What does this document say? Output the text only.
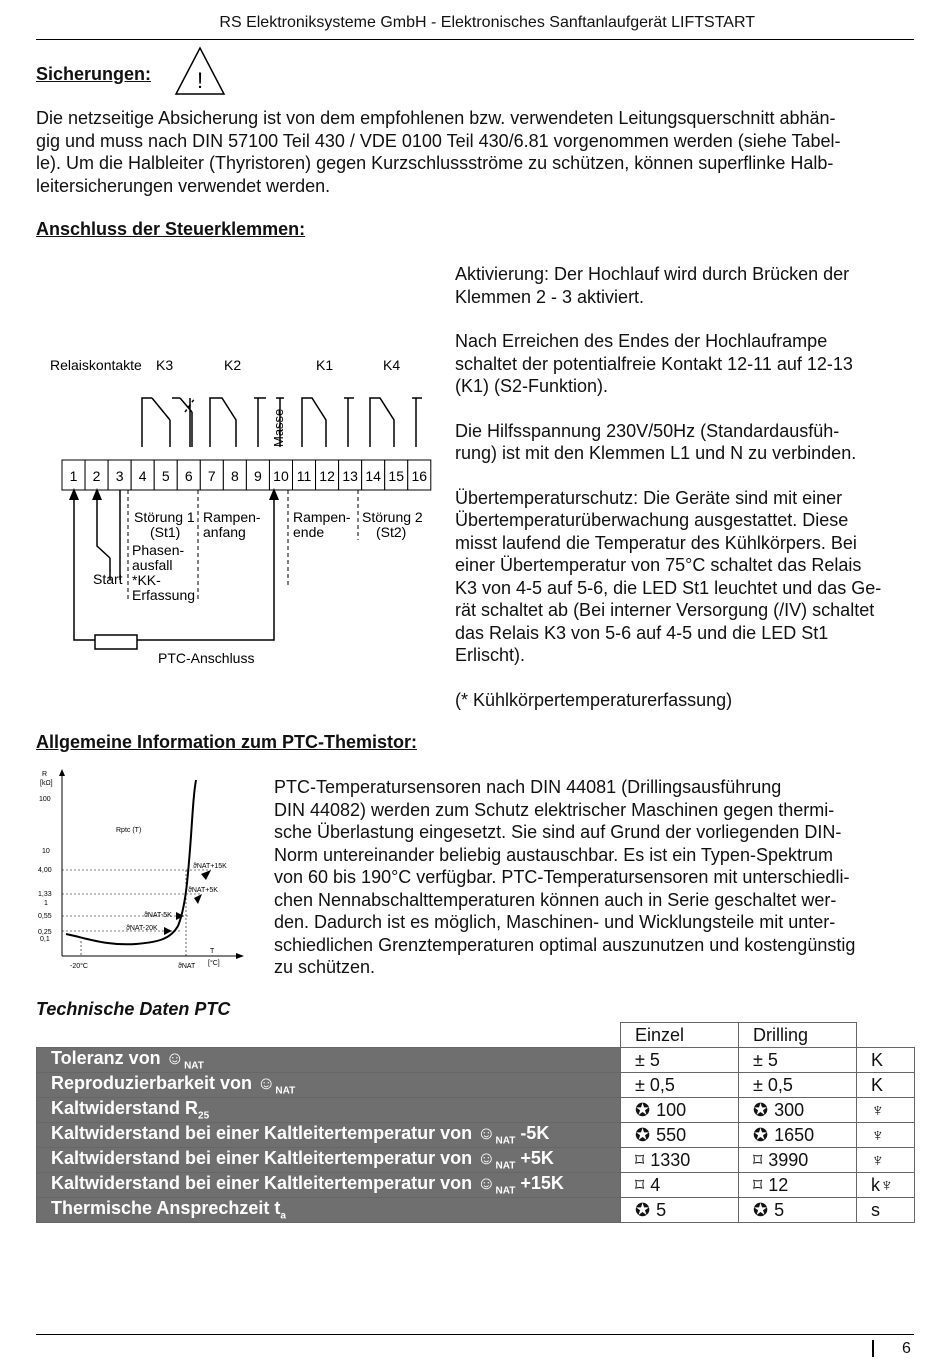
RS Elektroniksysteme GmbH - Elektronisches Sanftanlaufgerät LIFTSTART
Sicherungen: !
Die netzseitige Absicherung ist von dem empfohlenen bzw. verwendeten Leitungsquerschnitt abhän-
gig und muss nach DIN 57100 Teil 430 / VDE 0100 Teil 430/6.81 vorgenommen werden (siehe Tabel-
le). Um die Halbleiter (Thyristoren) gegen Kurzschlussströme zu schützen, können superflinke Halb-
leitersicherungen verwendet werden.
Anschluss der Steuerklemmen:
Relaiskontakte K3	K2	K1	K4
Masse
1 2 3 4 5 6 7 8 9 10 11 12 13 14 15 16
Störung 1
(St1)
Phasen-
ausfall
*KK-
Erfassung
Rampen-
anfang
Rampen-
ende
Störung 2
(St2)
Start
PTC-Anschluss
Aktivierung: Der Hochlauf wird durch Brücken der
Klemmen 2 - 3 aktiviert.
Nach Erreichen des Endes der Hochlauframpe
schaltet der potentialfreie Kontakt 12-11 auf 12-13
(K1) (S2-Funktion).
Die Hilfsspannung 230V/50Hz (Standardausfüh-
rung) ist mit den Klemmen L1 und N zu verbinden.
Übertemperaturschutz: Die Geräte sind mit einer
Übertemperaturüberwachung ausgestattet. Diese
misst laufend die Temperatur des Kühlkörpers. Bei
einer Übertemperatur von 75°C schaltet das Relais
K3 von 4-5 auf 5-6, die LED St1 leuchtet und das Ge-
rät schaltet ab (Bei interner Versorgung (/IV) schaltet
das Relais K3 von 5-6 auf 4-5 und die LED St1
Erlischt).
(* Kühlkörpertemperaturerfassung)
Allgemeine Information zum PTC-Themistor:
R
[kΩ]
100
10
4,00
1,33
1
0,55
0,25
0,1
Rptc (T)
ϑNAT+15K
ϑNAT+5K
ϑNAT-5K
ϑNAT-20K
-20°C	ϑNAT
T
[°C]
PTC-Temperatursensoren nach DIN 44081 (Drillingsausführung
DIN 44082) werden zum Schutz elektrischer Maschinen gegen thermi-
sche Überlastung eingesetzt. Sie sind auf Grund der vorliegenden DIN-
Norm untereinander beliebig austauschbar. Es ist ein Typen-Spektrum
von 60 bis 190°C verfügbar. PTC-Temperatursensoren mit unterschiedli-
chen Nennabschalttemperaturen können auch in Serie geschaltet wer-
den. Dadurch ist es möglich, Maschinen- und Wicklungsteile mit unter-
schiedlichen Grenztemperaturen optimal auszunutzen und kostengünstig
zu schützen.
Technische Daten PTC
	Einzel	Drilling	
Toleranz von $☺_{NAT}$	± 5	± 5	K
Reproduzierbarkeit von $☺_{NAT}$	± 0,5	± 0,5	K
Kaltwiderstand $R_{25}$	✪ 100	✪ 300	♆
Kaltwiderstand bei einer Kaltleitertemperatur von $☺_{NAT}$ -5K	✪ 550	✪ 1650	♆
Kaltwiderstand bei einer Kaltleitertemperatur von $☺_{NAT} +5K$	⌑ 1330	⌑ 3990	♆
Kaltwiderstand bei einer Kaltleitertemperatur von $☺_{NAT} +15K$	⌑ 4	⌑ 12	k♆
Thermische Ansprechzeit $t_a$	✪ 5	✪ 5	s
6
